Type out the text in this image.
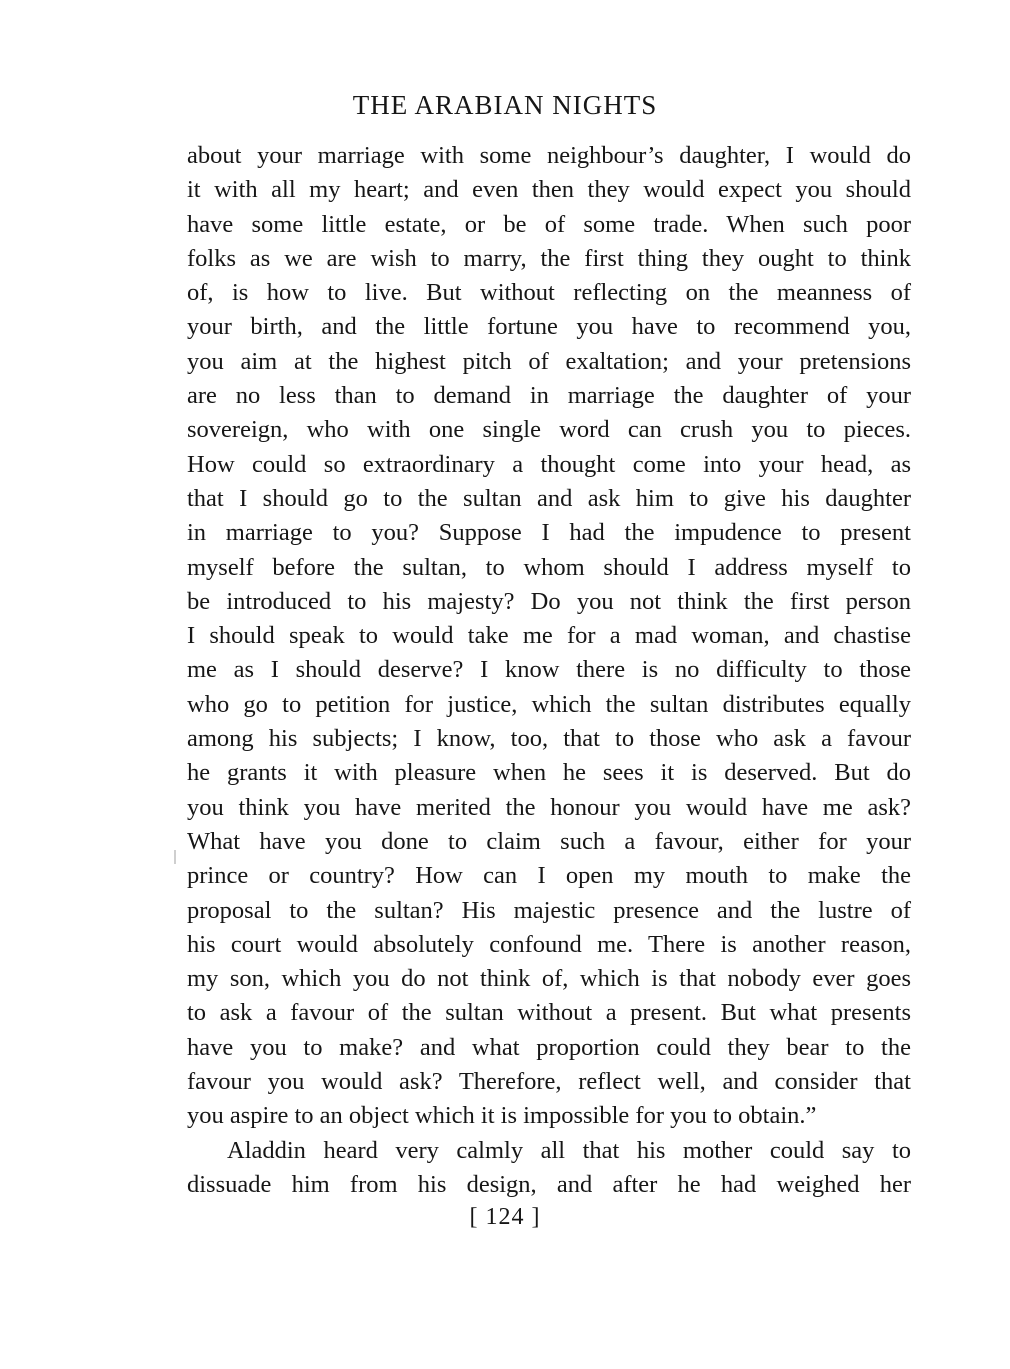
THE ARABIAN NIGHTS
about your marriage with some neighbour’s daughter, I would do
it with all my heart; and even then they would expect you should
have some little estate, or be of some trade. When such poor
folks as we are wish to marry, the first thing they ought to think
of, is how to live. But without reflecting on the meanness of
your birth, and the little fortune you have to recommend you,
you aim at the highest pitch of exaltation; and your pretensions
are no less than to demand in marriage the daughter of your
sovereign, who with one single word can crush you to pieces.
How could so extraordinary a thought come into your head, as
that I should go to the sultan and ask him to give his daughter
in marriage to you? Suppose I had the impudence to present
myself before the sultan, to whom should I address myself to
be introduced to his majesty? Do you not think the first person
I should speak to would take me for a mad woman, and chastise
me as I should deserve? I know there is no difficulty to those
who go to petition for justice, which the sultan distributes equally
among his subjects; I know, too, that to those who ask a favour
he grants it with pleasure when he sees it is deserved. But do
you think you have merited the honour you would have me ask?
What have you done to claim such a favour, either for your
prince or country? How can I open my mouth to make the
proposal to the sultan? His majestic presence and the lustre of
his court would absolutely confound me. There is another reason,
my son, which you do not think of, which is that nobody ever goes
to ask a favour of the sultan without a present. But what presents
have you to make? and what proportion could they bear to the
favour you would ask? Therefore, reflect well, and consider that
you aspire to an object which it is impossible for you to obtain.”
Aladdin heard very calmly all that his mother could say to
dissuade him from his design, and after he had weighed her
[ 124 ]
